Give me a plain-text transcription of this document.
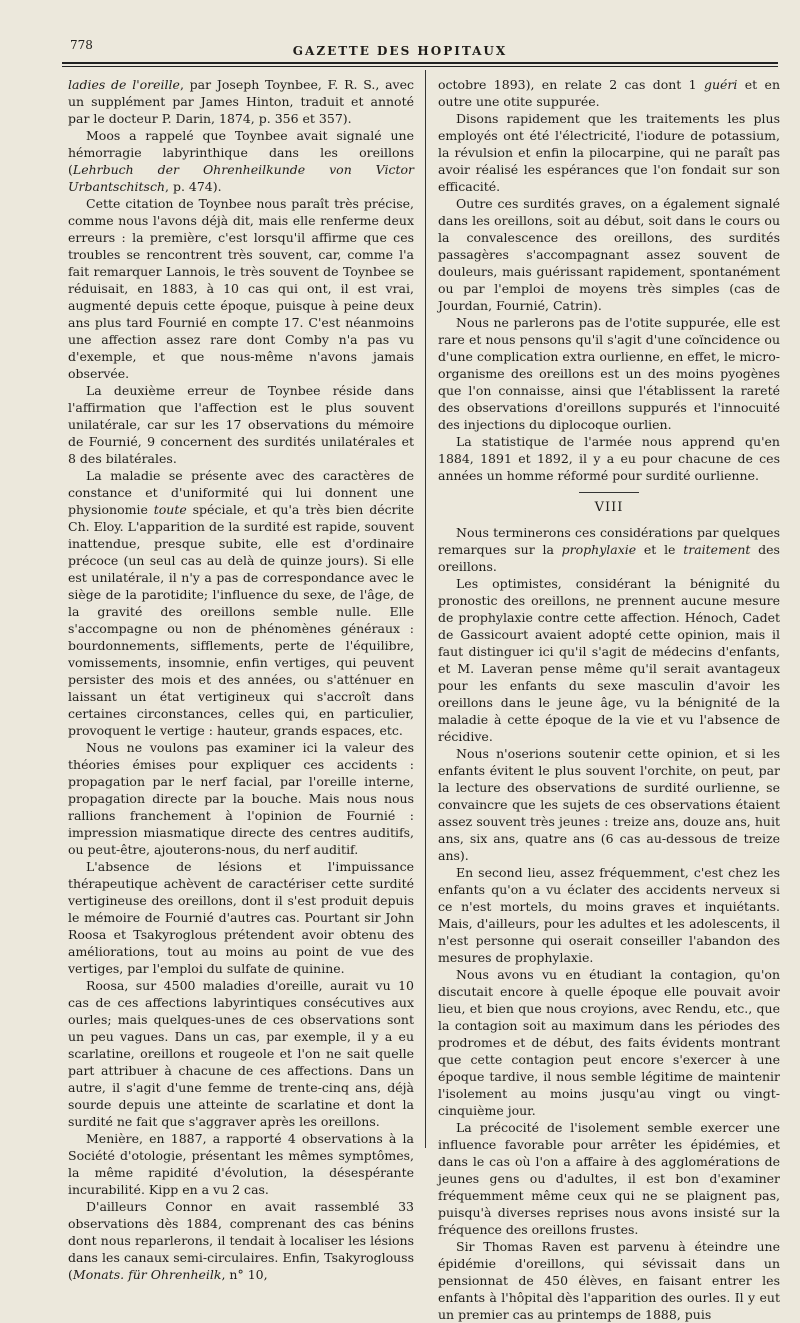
778	GAZETTE DES HOPITAUX

ladies de l'oreille, par Joseph Toynbee, F. R. S., avec un supplément par James Hinton, traduit et annoté par le docteur P. Darin, 1874, p. 356 et 357).

Moos a rappelé que Toynbee avait signalé une hémorragie labyrinthique dans les oreillons (Lehrbuch der Ohrenheilkunde von Victor Urbantschitsch, p. 474).

Cette citation de Toynbee nous paraît très précise, comme nous l'avons déjà dit, mais elle renferme deux erreurs : la première, c'est lorsqu'il affirme que ces troubles se rencontrent très souvent, car, comme l'a fait remarquer Lannois, le très souvent de Toynbee se réduisait, en 1883, à 10 cas qui ont, il est vrai, augmenté depuis cette époque, puisque à peine deux ans plus tard Fournié en compte 17. C'est néanmoins une affection assez rare dont Comby n'a pas vu d'exemple, et que nous-même n'avons jamais observée.

La deuxième erreur de Toynbee réside dans l'affirmation que l'affection est le plus souvent unilatérale, car sur les 17 observations du mémoire de Fournié, 9 concernent des surdités unilatérales et 8 des bilatérales.

La maladie se présente avec des caractères de constance et d'uniformité qui lui donnent une physionomie toute spéciale, et qu'a très bien décrite Ch. Eloy. L'apparition de la surdité est rapide, souvent inattendue, presque subite, elle est d'ordinaire précoce (un seul cas au delà de quinze jours). Si elle est unilatérale, il n'y a pas de correspondance avec le siège de la parotidite; l'influence du sexe, de l'âge, de la gravité des oreillons semble nulle. Elle s'accompagne ou non de phénomènes généraux : bourdonnements, sifflements, perte de l'équilibre, vomissements, insomnie, enfin vertiges, qui peuvent persister des mois et des années, ou s'atténuer en laissant un état vertigineux qui s'accroît dans certaines circonstances, celles qui, en particulier, provoquent le vertige : hauteur, grands espaces, etc.

Nous ne voulons pas examiner ici la valeur des théories émises pour expliquer ces accidents : propagation par le nerf facial, par l'oreille interne, propagation directe par la bouche. Mais nous nous rallions franchement à l'opinion de Fournié : impression miasmatique directe des centres auditifs, ou peut-être, ajouterons-nous, du nerf auditif.

L'absence de lésions et l'impuissance thérapeutique achèvent de caractériser cette surdité vertigineuse des oreillons, dont il s'est produit depuis le mémoire de Fournié d'autres cas. Pourtant sir John Roosa et Tsakyroglous prétendent avoir obtenu des améliorations, tout au moins au point de vue des vertiges, par l'emploi du sulfate de quinine.

Roosa, sur 4500 maladies d'oreille, aurait vu 10 cas de ces affections labyrintiques consécutives aux ourles; mais quelques-unes de ces observations sont un peu vagues. Dans un cas, par exemple, il y a eu scarlatine, oreillons et rougeole et l'on ne sait quelle part attribuer à chacune de ces affections. Dans un autre, il s'agit d'une femme de trente-cinq ans, déjà sourde depuis une atteinte de scarlatine et dont la surdité ne fait que s'aggraver après les oreillons.

Menière, en 1887, a rapporté 4 observations à la Société d'otologie, présentant les mêmes symptômes, la même rapidité d'évolution, la désespérante incurabilité. Kipp en a vu 2 cas.

D'ailleurs Connor en avait rassemblé 33 observations dès 1884, comprenant des cas bénins dont nous reparlerons, il tendait à localiser les lésions dans les canaux semi-circulaires. Enfin, Tsakyroglouss (Monats. für Ohrenheilk, n° 10,

octobre 1893), en relate 2 cas dont 1 guéri et en outre une otite suppurée.

Disons rapidement que les traitements les plus employés ont été l'électricité, l'iodure de potassium, la révulsion et enfin la pilocarpine, qui ne paraît pas avoir réalisé les espérances que l'on fondait sur son efficacité.

Outre ces surdités graves, on a également signalé dans les oreillons, soit au début, soit dans le cours ou la convalescence des oreillons, des surdités passagères s'accompagnant assez souvent de douleurs, mais guérissant rapidement, spontanément ou par l'emploi de moyens très simples (cas de Jourdan, Fournié, Catrin).

Nous ne parlerons pas de l'otite suppurée, elle est rare et nous pensons qu'il s'agit d'une coïncidence ou d'une complication extra ourlienne, en effet, le micro-organisme des oreillons est un des moins pyogènes que l'on connaisse, ainsi que l'établissent la rareté des observations d'oreillons suppurés et l'innocuité des injections du diplocoque ourlien.

La statistique de l'armée nous apprend qu'en 1884, 1891 et 1892, il y a eu pour chacune de ces années un homme réformé pour surdité ourlienne.

VIII

Nous terminerons ces considérations par quelques remarques sur la prophylaxie et le traitement des oreillons.

Les optimistes, considérant la bénignité du pronostic des oreillons, ne prennent aucune mesure de prophylaxie contre cette affection. Hénoch, Cadet de Gassicourt avaient adopté cette opinion, mais il faut distinguer ici qu'il s'agit de médecins d'enfants, et M. Laveran pense même qu'il serait avantageux pour les enfants du sexe masculin d'avoir les oreillons dans le jeune âge, vu la bénignité de la maladie à cette époque de la vie et vu l'absence de récidive.

Nous n'oserions soutenir cette opinion, et si les enfants évitent le plus souvent l'orchite, on peut, par la lecture des observations de surdité ourlienne, se convaincre que les sujets de ces observations étaient assez souvent très jeunes : treize ans, douze ans, huit ans, six ans, quatre ans (6 cas au-dessous de treize ans).

En second lieu, assez fréquemment, c'est chez les enfants qu'on a vu éclater des accidents nerveux si ce n'est mortels, du moins graves et inquiétants. Mais, d'ailleurs, pour les adultes et les adolescents, il n'est personne qui oserait conseiller l'abandon des mesures de prophylaxie.

Nous avons vu en étudiant la contagion, qu'on discutait encore à quelle époque elle pouvait avoir lieu, et bien que nous croyions, avec Rendu, etc., que la contagion soit au maximum dans les périodes des prodromes et de début, des faits évidents montrant que cette contagion peut encore s'exercer à une époque tardive, il nous semble légitime de maintenir l'isolement au moins jusqu'au vingt ou vingt-cinquième jour.

La précocité de l'isolement semble exercer une influence favorable pour arrêter les épidémies, et dans le cas où l'on a affaire à des agglomérations de jeunes gens ou d'adultes, il est bon d'examiner fréquemment même ceux qui ne se plaignent pas, puisqu'à diverses reprises nous avons insisté sur la fréquence des oreillons frustes.

Sir Thomas Raven est parvenu à éteindre une épidémie d'oreillons, qui sévissait dans un pensionnat de 450 élèves, en faisant entrer les enfants à l'hôpital dès l'apparition des ourles. Il y eut un premier cas au printemps de 1888, puis
